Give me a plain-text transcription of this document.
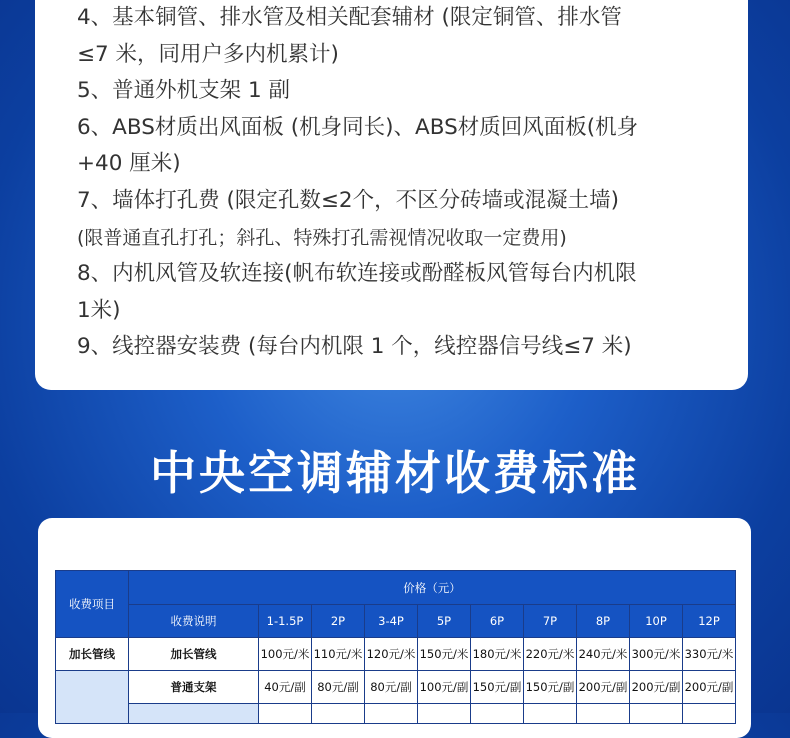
4、基本铜管、排水管及相关配套辅材 (限定铜管、排水管
≤7 米，同用户多内机累计)
5、普通外机支架 1 副
6、ABS材质出风面板 (机身同长)、ABS材质回风面板(机身
+40 厘米)
7、墙体打孔费 (限定孔数≤2个，不区分砖墙或混凝土墙)
(限普通直孔打孔；斜孔、特殊打孔需视情况收取一定费用)
8、内机风管及软连接(帆布软连接或酚醛板风管每台内机限
1米)
9、线控器安装费 (每台内机限 1 个，线控器信号线≤7 米)
中央空调辅材收费标准
收费项目	价格（元）									
	收费说明	1-1.5P	2P	3-4P	5P	6P	7P	8P	10P	12P
加长管线	加长管线	100元/米	110元/米	120元/米	150元/米	180元/米	220元/米	240元/米	300元/米	330元/米
	普通支架	40元/副	80元/副	80元/副	100元/副	150元/副	150元/副	200元/副	200元/副	200元/副
